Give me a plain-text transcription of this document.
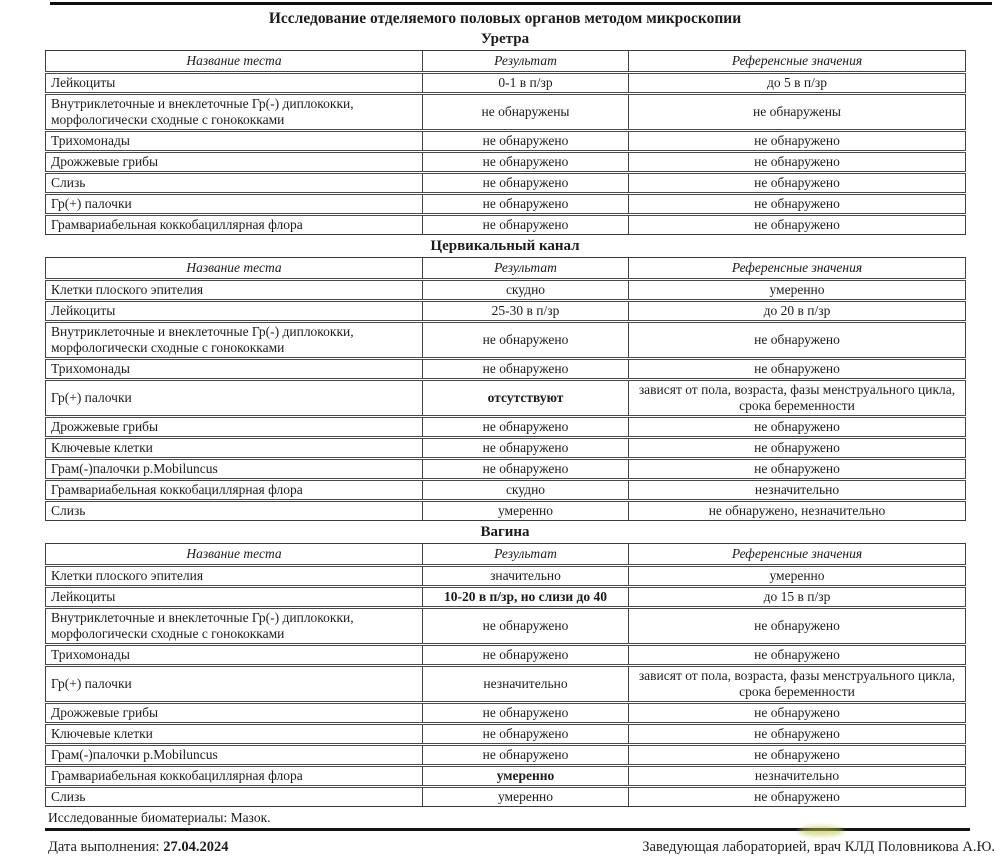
Исследование отделяемого половых органов методом микроскопии
Уретра
Название теста	Результат	Референсные значения
Лейкоциты	0-1 в п/зр	до 5 в п/зр
Внутриклеточные и внеклеточные Гр(-) диплококки, морфологически сходные с гонококками	не обнаружены	не обнаружены
Трихомонады	не обнаружено	не обнаружено
Дрожжевые грибы	не обнаружено	не обнаружено
Слизь	не обнаружено	не обнаружено
Гр(+) палочки	не обнаружено	не обнаружено
Грамвариабельная коккобациллярная флора	не обнаружено	не обнаружено
Цервикальный канал
Название теста	Результат	Референсные значения
Клетки плоского эпителия	скудно	умеренно
Лейкоциты	25-30 в п/зр	до 20 в п/зр
Внутриклеточные и внеклеточные Гр(-) диплококки, морфологически сходные с гонококками	не обнаружено	не обнаружено
Трихомонады	не обнаружено	не обнаружено
Гр(+) палочки	отсутствуют	зависят от пола, возраста, фазы менструального цикла, срока беременности
Дрожжевые грибы	не обнаружено	не обнаружено
Ключевые клетки	не обнаружено	не обнаружено
Грам(-)палочки p.Mobiluncus	не обнаружено	не обнаружено
Грамвариабельная коккобациллярная флора	скудно	незначительно
Слизь	умеренно	не обнаружено, незначительно
Вагина
Название теста	Результат	Референсные значения
Клетки плоского эпителия	значительно	умеренно
Лейкоциты	10-20 в п/зр, но слизи до 40	до 15 в п/зр
Внутриклеточные и внеклеточные Гр(-) диплококки, морфологически сходные с гонококками	не обнаружено	не обнаружено
Трихомонады	не обнаружено	не обнаружено
Гр(+) палочки	незначительно	зависят от пола, возраста, фазы менструального цикла, срока беременности
Дрожжевые грибы	не обнаружено	не обнаружено
Ключевые клетки	не обнаружено	не обнаружено
Грам(-)палочки p.Mobiluncus	не обнаружено	не обнаружено
Грамвариабельная коккобациллярная флора	умеренно	незначительно
Слизь	умеренно	не обнаружено
Исследованные биоматериалы: Мазок.
Дата выполнения: 27.04.2024	Заведующая лабораторией, врач КЛД Половникова А.Ю.
